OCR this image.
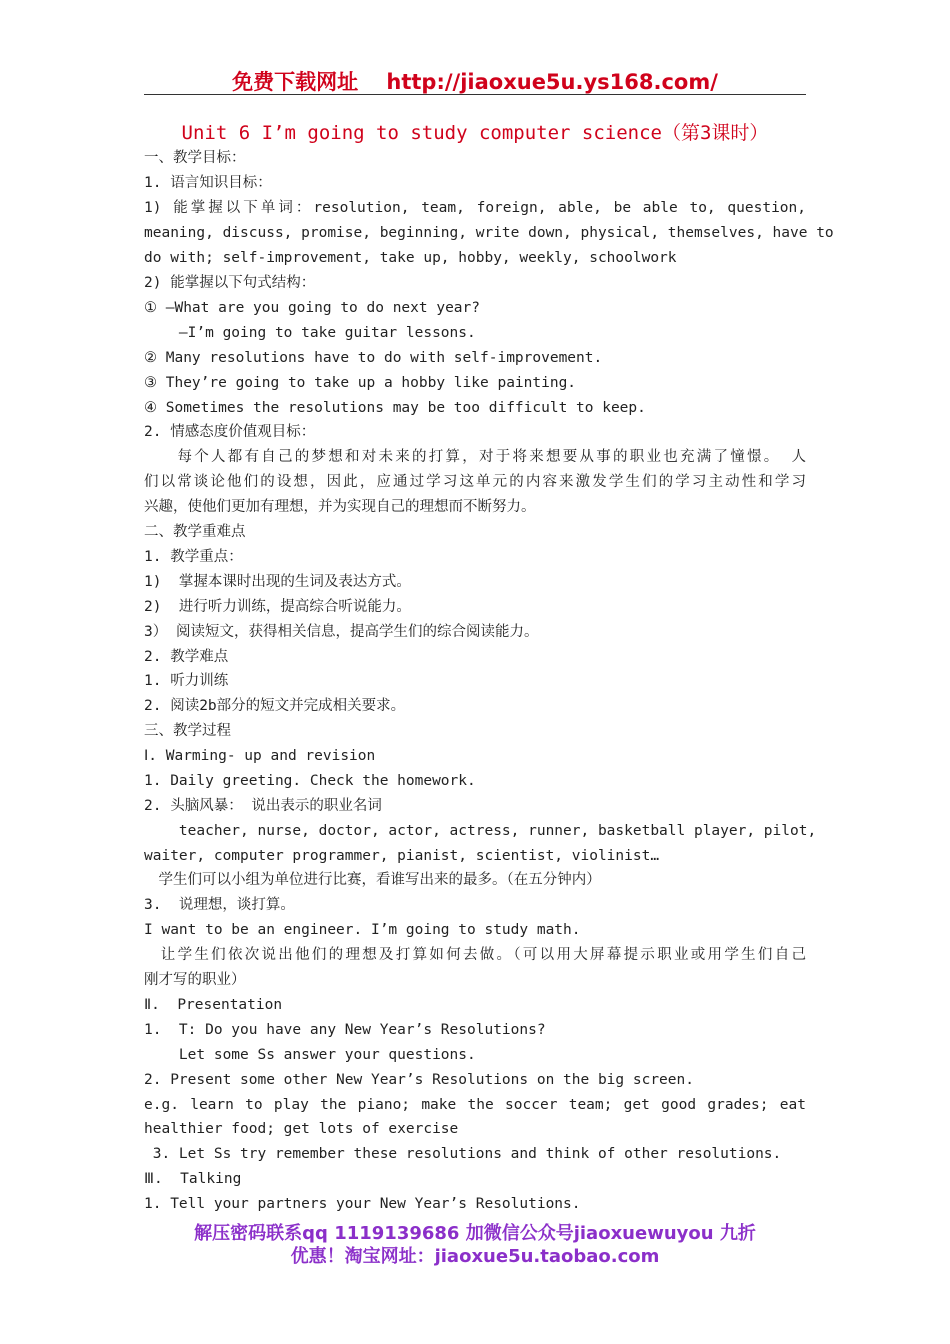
免费下载网址　 http://jiaoxue5u.ys168.com/
Unit 6 I’m going to study computer science（第3课时）
一、教学目标：
1. 语言知识目标：
1) 能掌握以下单词：resolution, team, foreign, able, be able to, question,
meaning, discuss, promise, beginning, write down, physical, themselves, have to
do with; self-improvement, take up, hobby, weekly, schoolwork
2) 能掌握以下句式结构：
① —What are you going to do next year?
—I’m going to take guitar lessons.
② Many resolutions have to do with self-improvement.
③ They’re going to take up a hobby like painting.
④ Sometimes the resolutions may be too difficult to keep.
2. 情感态度价值观目标：
　　每个人都有自己的梦想和对未来的打算，对于将来想要从事的职业也充满了憧憬。 人
们以常谈论他们的设想，因此，应通过学习这单元的内容来激发学生们的学习主动性和学习
兴趣，使他们更加有理想，并为实现自己的理想而不断努力。
二、教学重难点
1. 教学重点：
1)  掌握本课时出现的生词及表达方式。
2)  进行听力训练，提高综合听说能力。
3） 阅读短文，获得相关信息，提高学生们的综合阅读能力。
2. 教学难点
1. 听力训练
2. 阅读2b部分的短文并完成相关要求。
三、教学过程
Ⅰ. Warming- up and revision
1. Daily greeting. Check the homework.
2. 头脑风暴： 说出表示的职业名词
teacher, nurse, doctor, actor, actress, runner, basketball player, pilot,
waiter, computer programmer, pianist, scientist, violinist…
　学生们可以小组为单位进行比赛，看谁写出来的最多。（在五分钟内）
3.  说理想，谈打算。
I want to be an engineer. I’m going to study math.
　让学生们依次说出他们的理想及打算如何去做。（可以用大屏幕提示职业或用学生们自己
刚才写的职业）
Ⅱ.  Presentation
1.  T: Do you have any New Year’s Resolutions?
Let some Ss answer your questions.
2. Present some other New Year’s Resolutions on the big screen.
e.g. learn to play the piano; make the soccer team; get good grades; eat
healthier food; get lots of exercise
3. Let Ss try remember these resolutions and think of other resolutions.
Ⅲ.  Talking
1. Tell your partners your New Year’s Resolutions.
解压密码联系qq 1119139686 加微信公众号jiaoxuewuyou 九折
优惠！淘宝网址：jiaoxue5u.taobao.com
